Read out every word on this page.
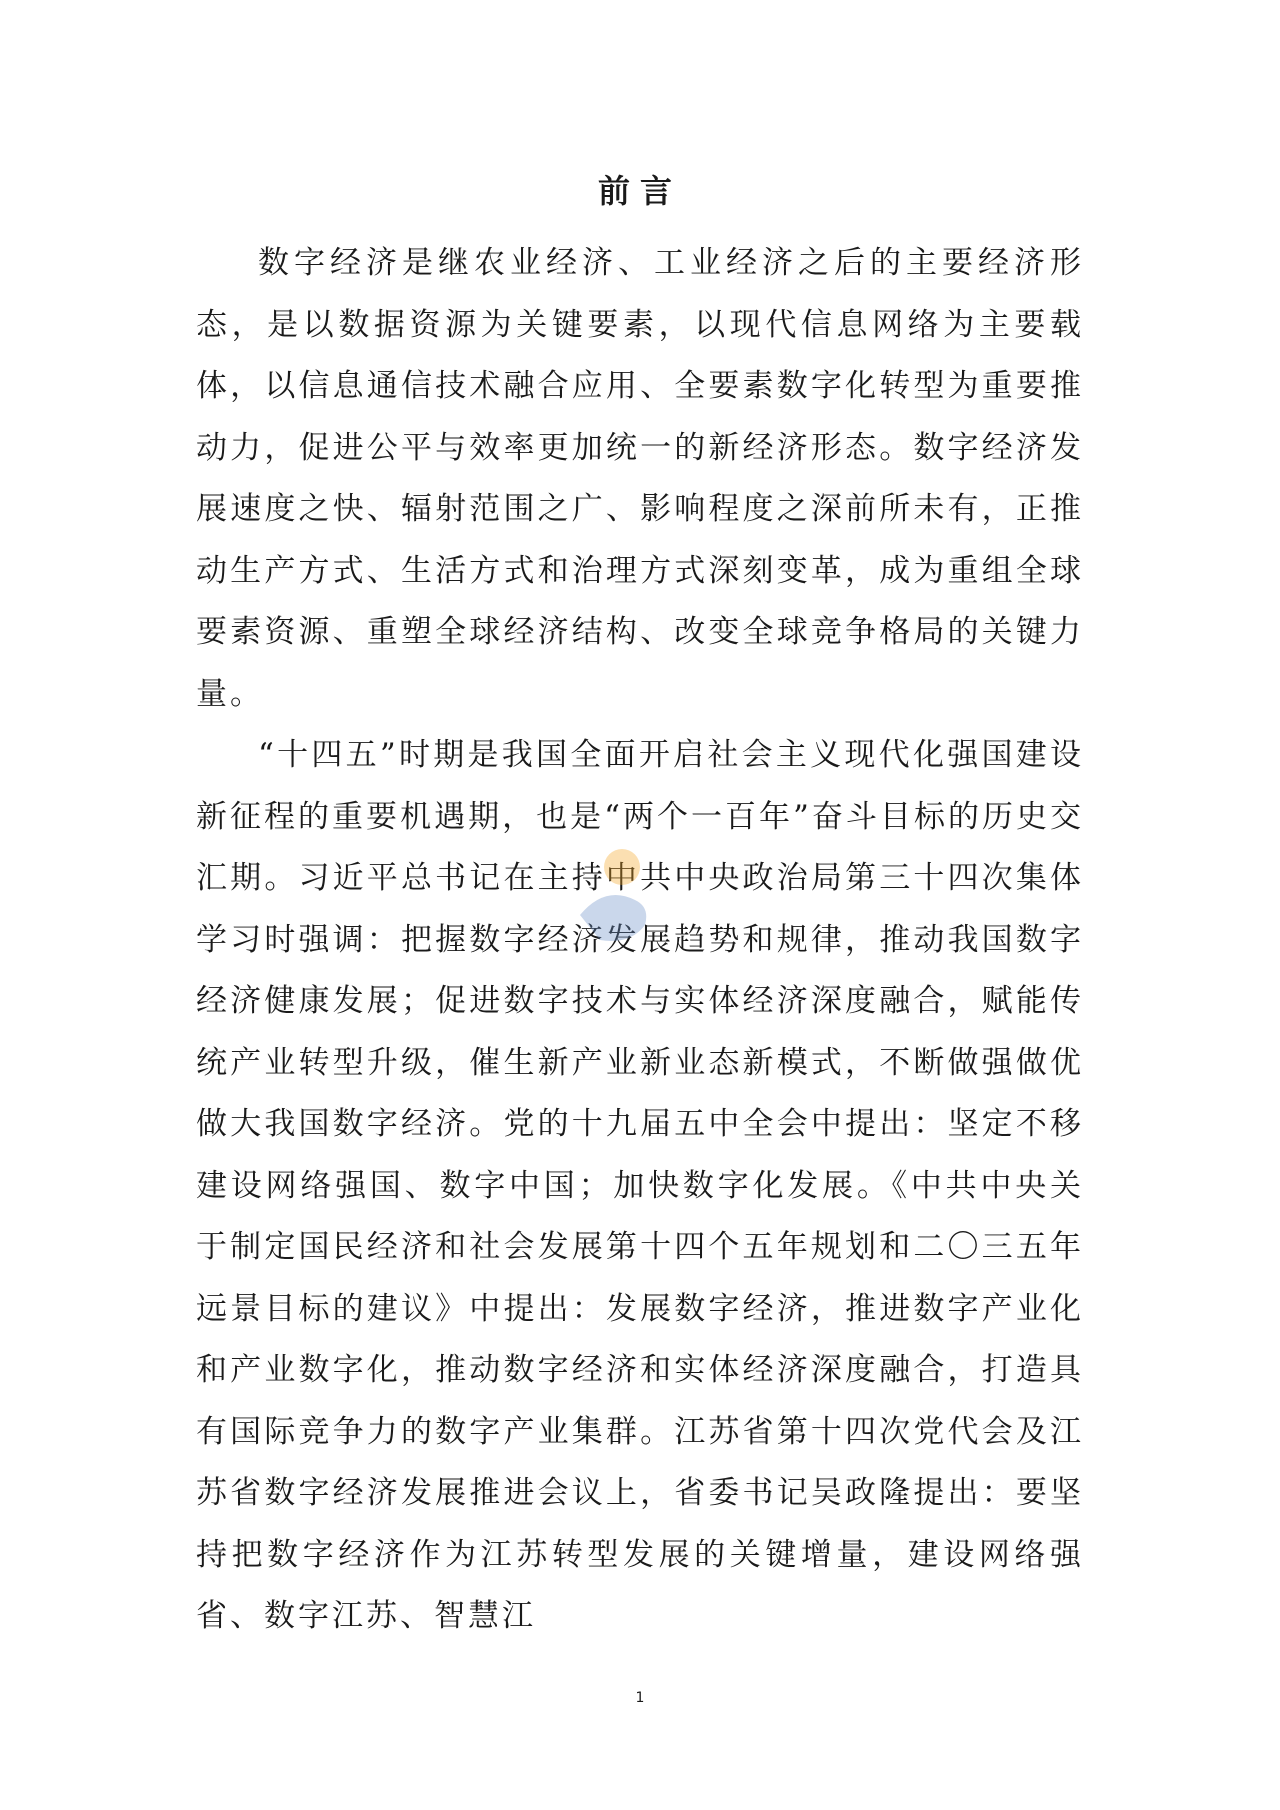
前言

数字经济是继农业经济、工业经济之后的主要经济形态，是以数据资源为关键要素，以现代信息网络为主要载体，以信息通信技术融合应用、全要素数字化转型为重要推动力，促进公平与效率更加统一的新经济形态。数字经济发展速度之快、辐射范围之广、影响程度之深前所未有，正推动生产方式、生活方式和治理方式深刻变革，成为重组全球要素资源、重塑全球经济结构、改变全球竞争格局的关键力量。

“十四五”时期是我国全面开启社会主义现代化强国建设新征程的重要机遇期，也是“两个一百年”奋斗目标的历史交汇期。习近平总书记在主持中共中央政治局第三十四次集体学习时强调：把握数字经济发展趋势和规律，推动我国数字经济健康发展；促进数字技术与实体经济深度融合，赋能传统产业转型升级，催生新产业新业态新模式，不断做强做优做大我国数字经济。党的十九届五中全会中提出：坚定不移建设网络强国、数字中国；加快数字化发展。《中共中央关于制定国民经济和社会发展第十四个五年规划和二〇三五年远景目标的建议》中提出：发展数字经济，推进数字产业化和产业数字化，推动数字经济和实体经济深度融合，打造具有国际竞争力的数字产业集群。江苏省第十四次党代会及江苏省数字经济发展推进会议上，省委书记吴政隆提出：要坚持把数字经济作为江苏转型发展的关键增量，建设网络强省、数字江苏、智慧江

1
